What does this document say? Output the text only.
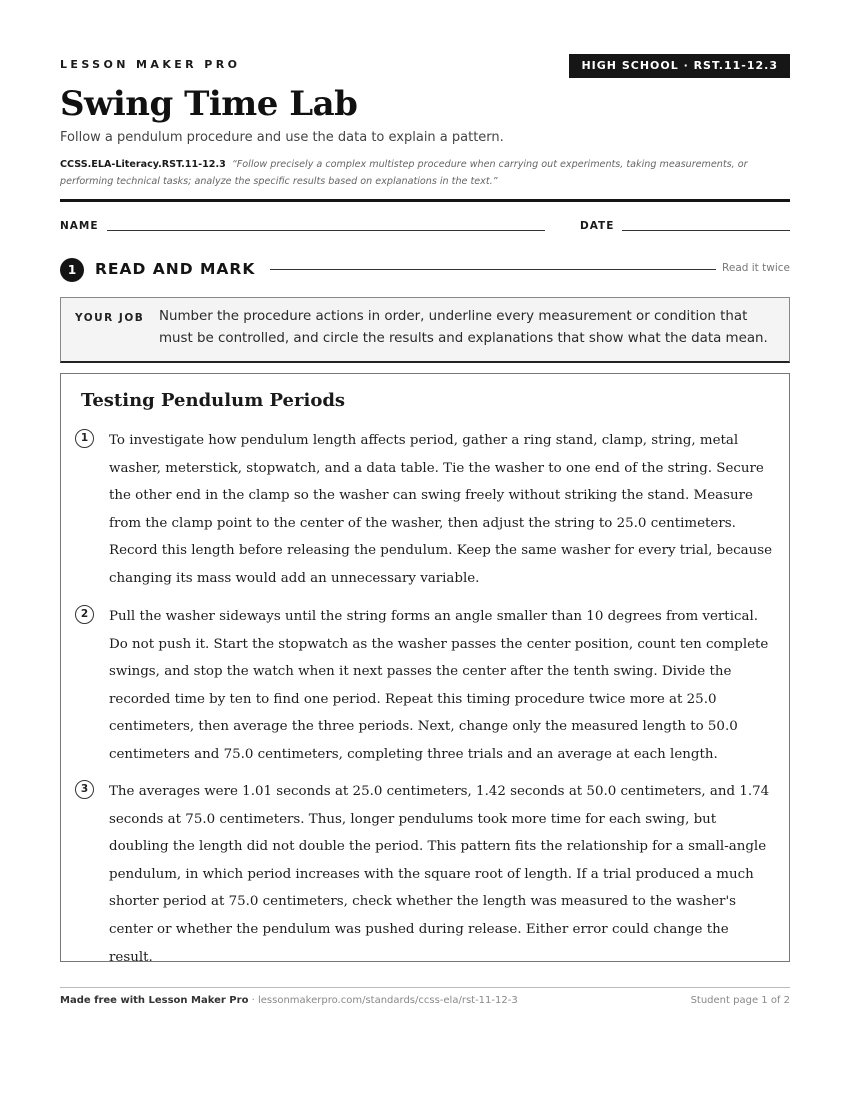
LESSON MAKER PRO	HIGH SCHOOL · RST.11-12.3
Swing Time Lab
Follow a pendulum procedure and use the data to explain a pattern.
CCSS.ELA-Literacy.RST.11-12.3 “Follow precisely a complex multistep procedure when carrying out experiments, taking measurements, or performing technical tasks; analyze the specific results based on explanations in the text.”
NAME	DATE
1	READ AND MARK	Read it twice
YOUR JOB Number the procedure actions in order, underline every measurement or condition that must be controlled, and circle the results and explanations that show what the data mean.
Testing Pendulum Periods
1	To investigate how pendulum length affects period, gather a ring stand, clamp, string, metal washer, meterstick, stopwatch, and a data table. Tie the washer to one end of the string. Secure the other end in the clamp so the washer can swing freely without striking the stand. Measure from the clamp point to the center of the washer, then adjust the string to 25.0 centimeters. Record this length before releasing the pendulum. Keep the same washer for every trial, because changing its mass would add an unnecessary variable.

2	Pull the washer sideways until the string forms an angle smaller than 10 degrees from vertical. Do not push it. Start the stopwatch as the washer passes the center position, count ten complete swings, and stop the watch when it next passes the center after the tenth swing. Divide the recorded time by ten to find one period. Repeat this timing procedure twice more at 25.0 centimeters, then average the three periods. Next, change only the measured length to 50.0 centimeters and 75.0 centimeters, completing three trials and an average at each length.

3	The averages were 1.01 seconds at 25.0 centimeters, 1.42 seconds at 50.0 centimeters, and 1.74 seconds at 75.0 centimeters. Thus, longer pendulums took more time for each swing, but doubling the length did not double the period. This pattern fits the relationship for a small-angle pendulum, in which period increases with the square root of length. If a trial produced a much shorter period at 75.0 centimeters, check whether the length was measured to the washer's center or whether the pendulum was pushed during release. Either error could change the result.

Made free with Lesson Maker Pro · lessonmakerpro.com/standards/ccss-ela/rst-11-12-3	Student page 1 of 2
